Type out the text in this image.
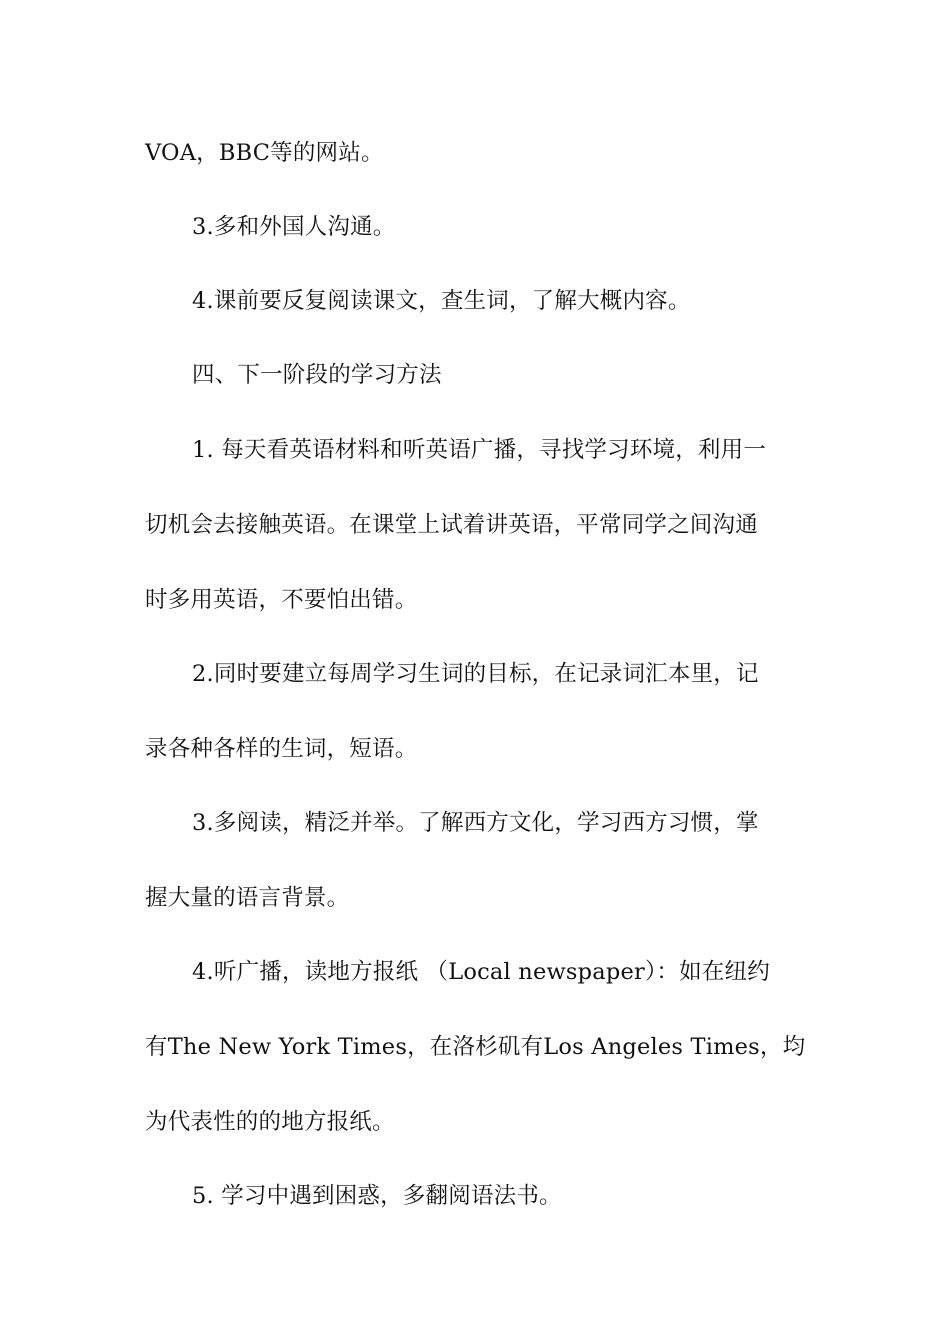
VOA，BBC等的网站。
3.多和外国人沟通。
4.课前要反复阅读课文，查生词，了解大概内容。
四、下一阶段的学习方法
1. 每天看英语材料和听英语广播，寻找学习环境，利用一
切机会去接触英语。在课堂上试着讲英语，平常同学之间沟通
时多用英语，不要怕出错。
2.同时要建立每周学习生词的目标，在记录词汇本里，记
录各种各样的生词，短语。
3.多阅读，精泛并举。了解西方文化，学习西方习惯，掌
握大量的语言背景。
4.听广播，读地方报纸 （Local newspaper）：如在纽约
有The New York Times，在洛杉矶有Los Angeles Times，均
为代表性的的地方报纸。
5. 学习中遇到困惑，多翻阅语法书。
